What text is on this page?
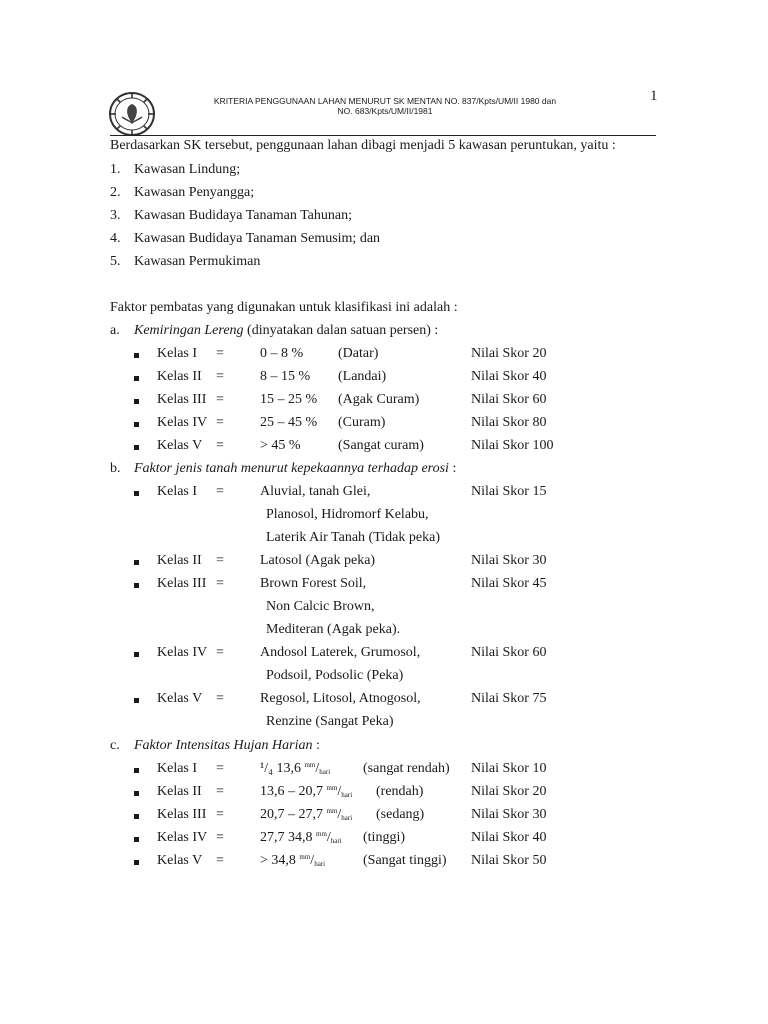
1
KRITERIA PENGGUNAAN LAHAN MENURUT SK MENTAN NO. 837/Kpts/UM/II 1980 dan
NO. 683/Kpts/UM/II/1981
Berdasarkan SK tersebut, penggunaan lahan dibagi menjadi 5 kawasan peruntukan, yaitu :
1. Kawasan Lindung;
2. Kawasan Penyangga;
3. Kawasan Budidaya Tanaman Tahunan;
4. Kawasan Budidaya Tanaman Semusim; dan
5. Kawasan Permukiman
Faktor pembatas yang digunakan untuk klasifikasi ini adalah :
a. Kemiringan Lereng (dinyatakan dalan satuan persen) :
Kelas I =	0 – 8 % (Datar)	Nilai Skor 20
Kelas II =	8 – 15 % (Landai)	Nilai Skor 40
Kelas III =	15 – 25 % (Agak Curam)	Nilai Skor 60
Kelas IV =	25 – 45 % (Curam)	Nilai Skor 80
Kelas V =	> 45 %	(Sangat curam)	Nilai Skor 100
b. Faktor jenis tanah menurut kepekaannya terhadap erosi :
Kelas I =	Aluvial, tanah Glei,
Planosol, Hidromorf Kelabu,
Laterik Air Tanah (Tidak peka)
Nilai Skor 15
Kelas II =	Latosol (Agak peka)	Nilai Skor 30
Kelas III =	Brown Forest Soil,
Non Calcic Brown,
Mediteran (Agak peka).
Nilai Skor 45
Kelas IV =	Andosol Laterek, Grumosol,
Podsoil, Podsolic (Peka)
Nilai Skor 60
Kelas V =	Regosol, Litosol, Atnogosol,
Renzine (Sangat Peka)
Nilai Skor 75
c. Faktor Intensitas Hujan Harian :
Kelas I =	¹/₄ 13,6 $^{mm}/_{hari}$ (sangat rendah) Nilai Skor 10
Kelas II =	13,6 – 20,7 $^{mm}/_{hari}$ (rendah)	Nilai Skor 20
Kelas III =	20,7 – 27,7 $^{mm}/_{hari}$ (sedang)	Nilai Skor 30
Kelas IV =	27,7 34,8 $^{mm}/_{hari}$ (tinggi)	Nilai Skor 40
Kelas V =	> 34,8 $^{mm}/_{hari}$	(Sangat tinggi) Nilai Skor 50
